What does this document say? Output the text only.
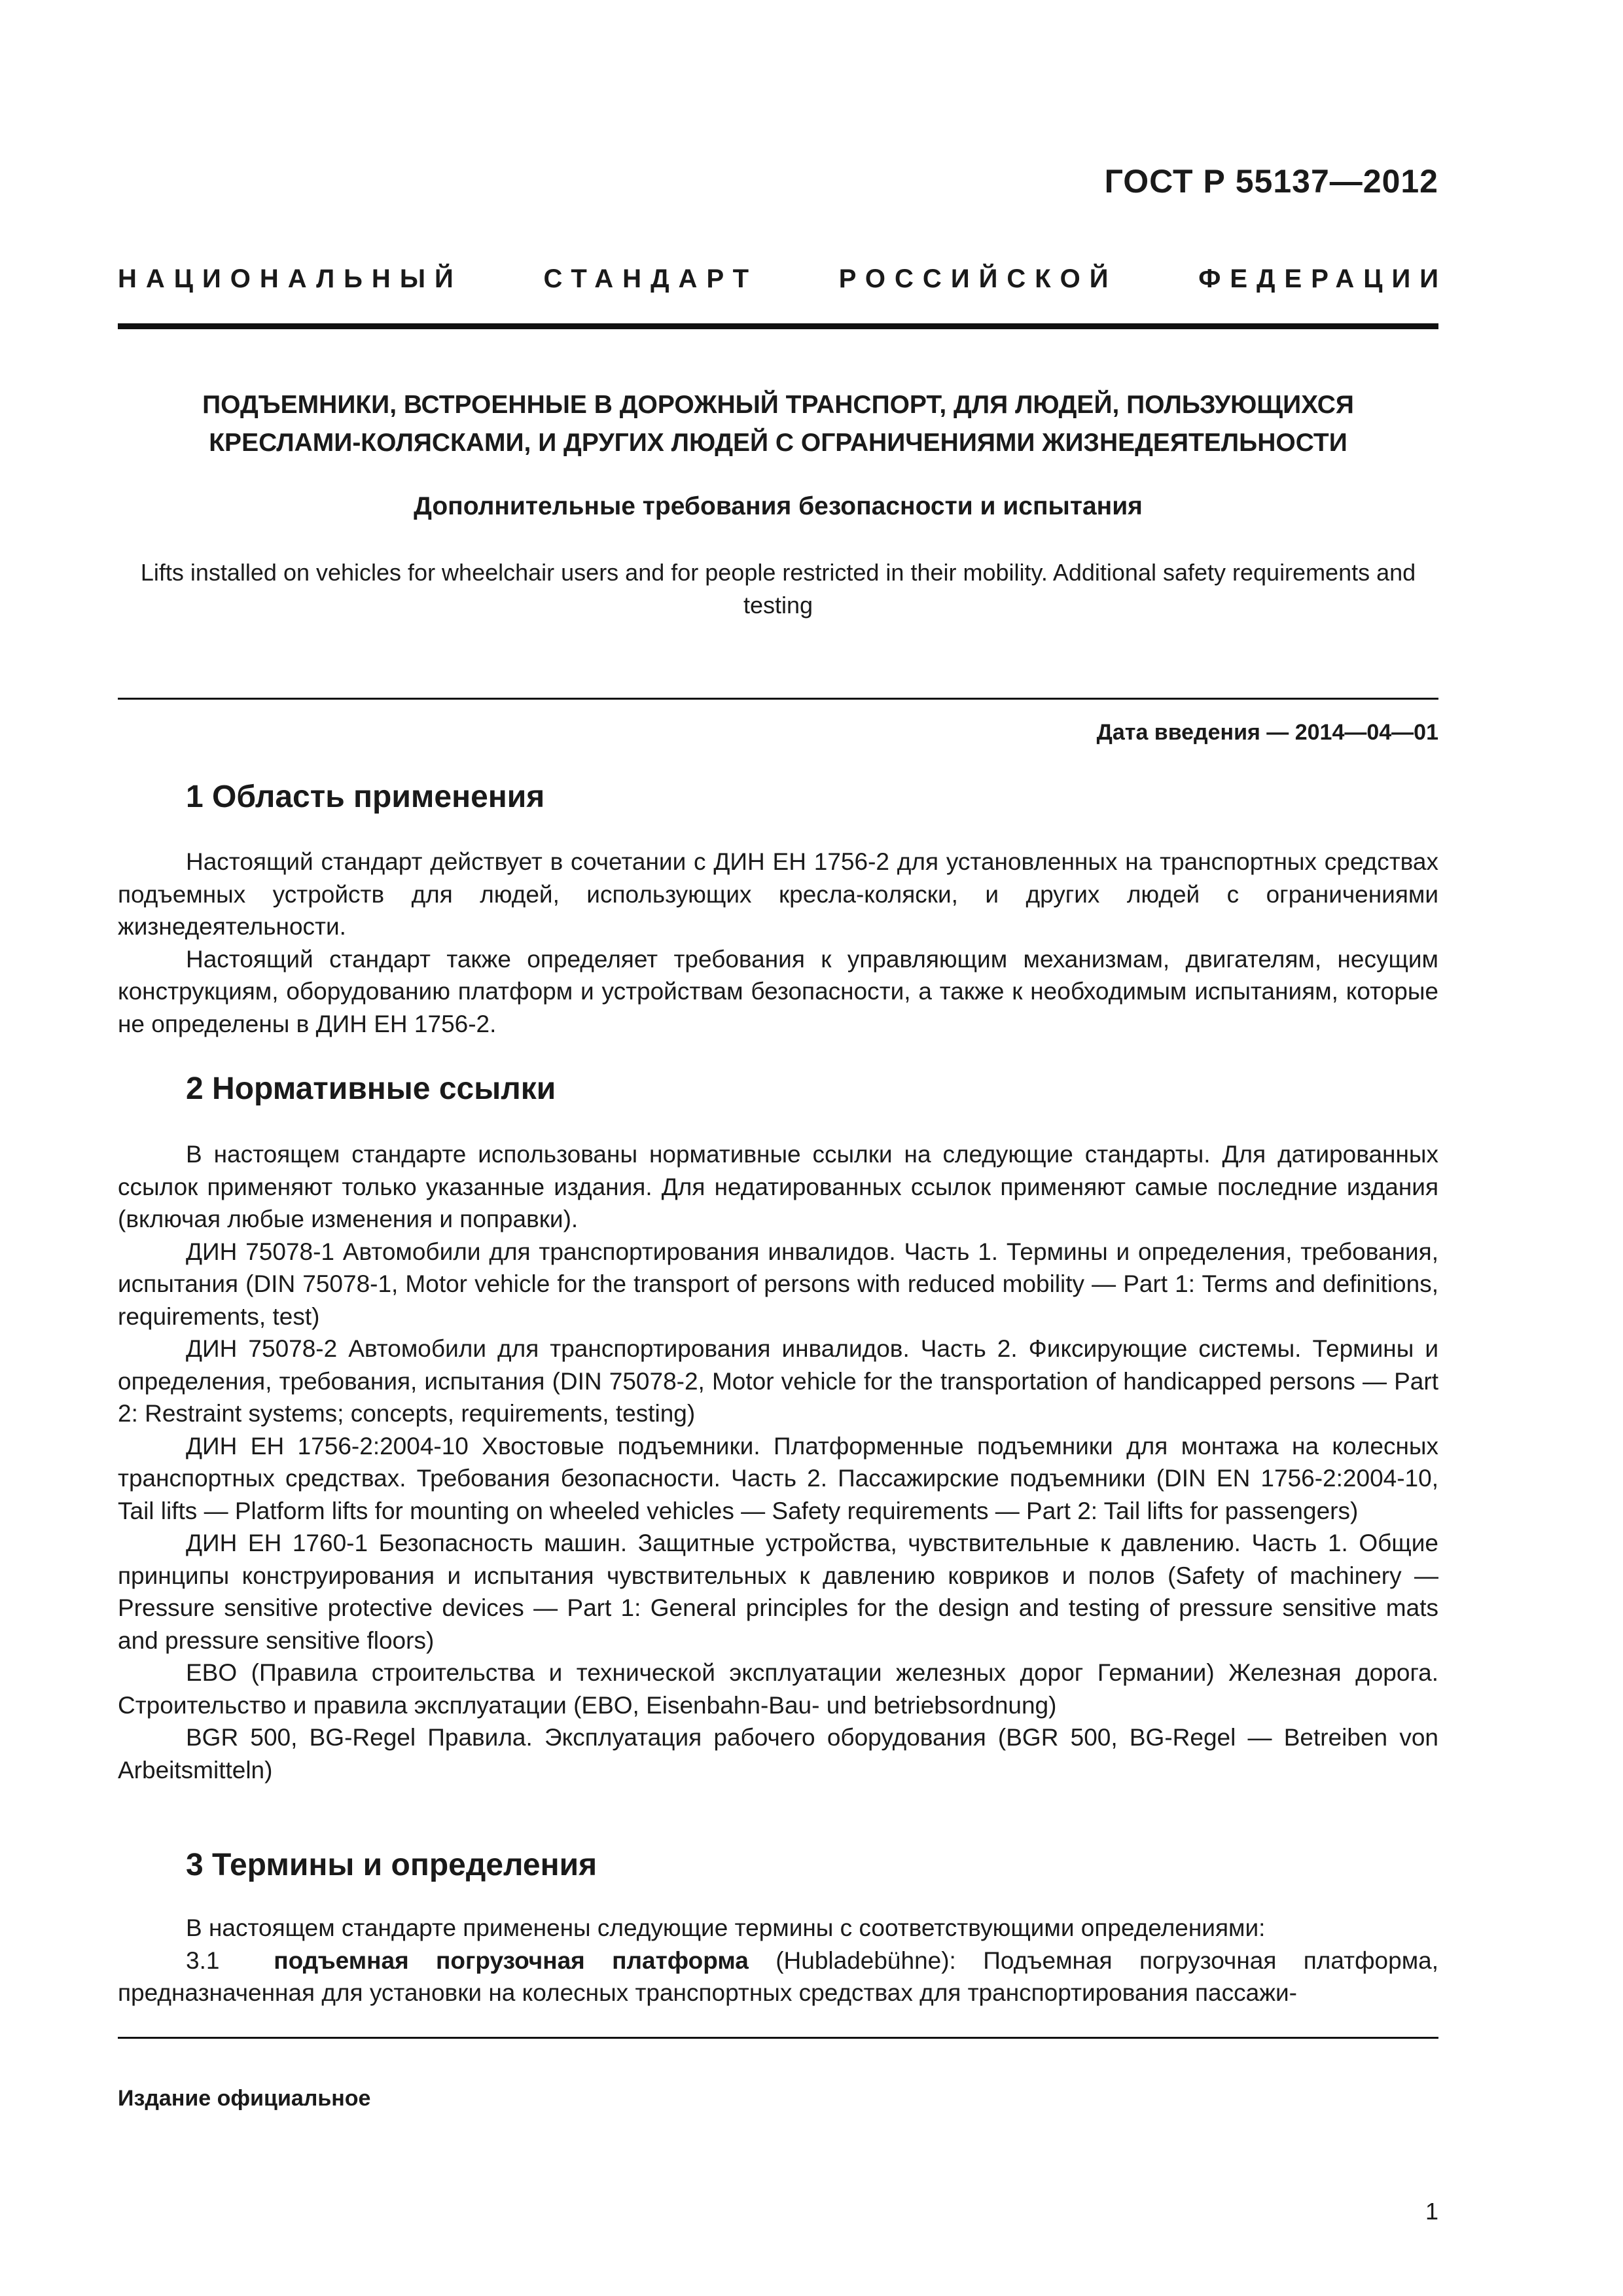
ГОСТ Р 55137—2012
НАЦИОНАЛЬНЫЙ	СТАНДАРТ	РОССИЙСКОЙ	ФЕДЕРАЦИИ
ПОДЪЕМНИКИ, ВСТРОЕННЫЕ В ДОРОЖНЫЙ ТРАНСПОРТ, ДЛЯ ЛЮДЕЙ, ПОЛЬЗУЮЩИХСЯ
КРЕСЛАМИ-КОЛЯСКАМИ, И ДРУГИХ ЛЮДЕЙ С ОГРАНИЧЕНИЯМИ ЖИЗНЕДЕЯТЕЛЬНОСТИ
Дополнительные требования безопасности и испытания
Lifts installed on vehicles for wheelchair users and for people restricted in their mobility. Additional safety requirements and testing
Дата введения — 2014—04—01
1 Область применения

Настоящий стандарт действует в сочетании с ДИН ЕН 1756-2 для установленных на транспортных средствах подъемных устройств для людей, использующих кресла-коляски, и других людей с ограничениями жизнедеятельности.

Настоящий стандарт также определяет требования к управляющим механизмам, двигателям, несущим конструкциям, оборудованию платформ и устройствам безопасности, а также к необходимым испытаниям, которые не определены в ДИН ЕН 1756-2.

2 Нормативные ссылки

В настоящем стандарте использованы нормативные ссылки на следующие стандарты. Для датированных ссылок применяют только указанные издания. Для недатированных ссылок применяют самые последние издания (включая любые изменения и поправки).

ДИН 75078-1 Автомобили для транспортирования инвалидов. Часть 1. Термины и определения, требования, испытания (DIN 75078-1, Motor vehicle for the transport of persons with reduced mobility — Part 1: Terms and definitions, requirements, test)

ДИН 75078-2 Автомобили для транспортирования инвалидов. Часть 2. Фиксирующие системы. Термины и определения, требования, испытания (DIN 75078-2, Motor vehicle for the transportation of handicapped persons — Part 2: Restraint systems; concepts, requirements, testing)

ДИН ЕН 1756-2:2004-10 Хвостовые подъемники. Платформенные подъемники для монтажа на колесных транспортных средствах. Требования безопасности. Часть 2. Пассажирские подъемники (DIN EN 1756-2:2004-10, Tail lifts — Platform lifts for mounting on wheeled vehicles — Safety requirements — Part 2: Tail lifts for passengers)

ДИН ЕН 1760-1 Безопасность машин. Защитные устройства, чувствительные к давлению. Часть 1. Общие принципы конструирования и испытания чувствительных к давлению ковриков и полов (Safety of machinery — Pressure sensitive protective devices — Part 1: General principles for the design and testing of pressure sensitive mats and pressure sensitive floors)

EBO (Правила строительства и технической эксплуатации железных дорог Германии) Железная дорога. Строительство и правила эксплуатации (EBO, Eisenbahn-Bau- und betriebsordnung)

BGR 500, BG-Regel Правила. Эксплуатация рабочего оборудования (BGR 500, BG-Regel — Betreiben von Arbeitsmitteln)

3 Термины и определения

В настоящем стандарте применены следующие термины с соответствующими определениями:

3.1 подъемная погрузочная платформа (Hubladebühne): Подъемная погрузочная платформа, предназначенная для установки на колесных транспортных средствах для транспортирования пассажи-

Издание официальное
1
